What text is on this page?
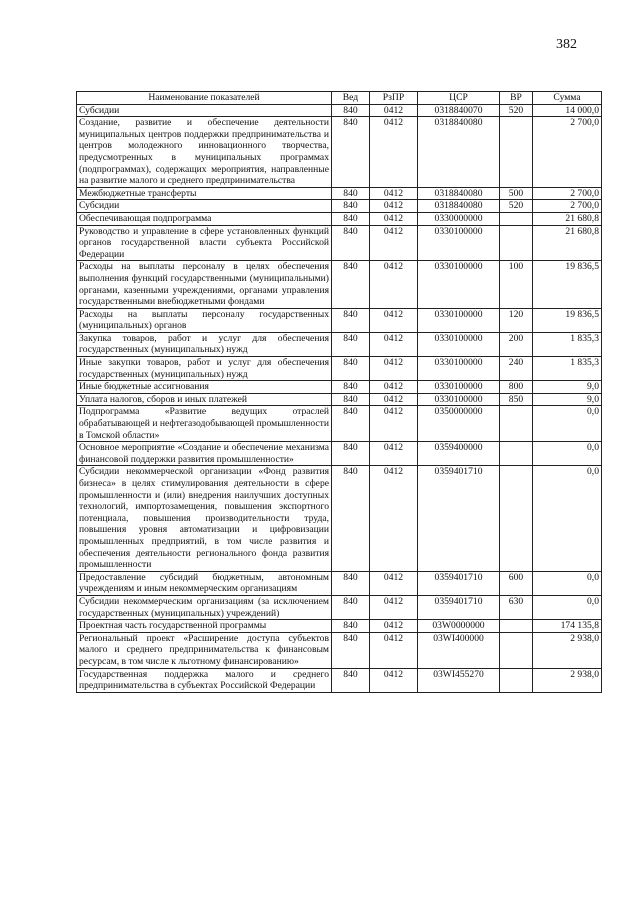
382
Наименование показателей	Вед	РзПР	ЦСР	ВР	Сумма
Субсидии	840	0412	0318840070	520	14 000,0
Создание, развитие и обеспечение деятельности муниципальных центров поддержки предпринимательства и центров молодежного инновационного творчества, предусмотренных в муниципальных программах (подпрограммах), содержащих мероприятия, направленные на развитие малого и среднего предпринимательства	840	0412	0318840080		2 700,0
Межбюджетные трансферты	840	0412	0318840080	500	2 700,0
Субсидии	840	0412	0318840080	520	2 700,0
Обеспечивающая подпрограмма	840	0412	0330000000		21 680,8
Руководство и управление в сфере установленных функций органов государственной власти субъекта Российской Федерации	840	0412	0330100000		21 680,8
Расходы на выплаты персоналу в целях обеспечения выполнения функций государственными (муниципальными) органами, казенными учреждениями, органами управления государственными внебюджетными фондами	840	0412	0330100000	100	19 836,5
Расходы на выплаты персоналу государственных (муниципальных) органов	840	0412	0330100000	120	19 836,5
Закупка товаров, работ и услуг для обеспечения государственных (муниципальных) нужд	840	0412	0330100000	200	1 835,3
Иные закупки товаров, работ и услуг для обеспечения государственных (муниципальных) нужд	840	0412	0330100000	240	1 835,3
Иные бюджетные ассигнования	840	0412	0330100000	800	9,0
Уплата налогов, сборов и иных платежей	840	0412	0330100000	850	9,0
Подпрограмма «Развитие ведущих отраслей обрабатывающей и нефтегазодобывающей промышленности в Томской области»	840	0412	0350000000		0,0
Основное мероприятие «Создание и обеспечение механизма финансовой поддержки развития промышленности»	840	0412	0359400000		0,0
Субсидии некоммерческой организации «Фонд развития бизнеса» в целях стимулирования деятельности в сфере промышленности и (или) внедрения наилучших доступных технологий, импортозамещения, повышения экспортного потенциала, повышения производительности труда, повышения уровня автоматизации и цифровизации промышленных предприятий, в том числе развития и обеспечения деятельности регионального фонда развития промышленности	840	0412	0359401710		0,0
Предоставление субсидий бюджетным, автономным учреждениям и иным некоммерческим организациям	840	0412	0359401710	600	0,0
Субсидии некоммерческим организациям (за исключением государственных (муниципальных) учреждений)	840	0412	0359401710	630	0,0
Проектная часть государственной программы	840	0412	03W0000000		174 135,8
Региональный проект «Расширение доступа субъектов малого и среднего предпринимательства к финансовым ресурсам, в том числе к льготному финансированию»	840	0412	03WI400000		2 938,0
Государственная поддержка малого и среднего предпринимательства в субъектах Российской Федерации	840	0412	03WI455270		2 938,0
